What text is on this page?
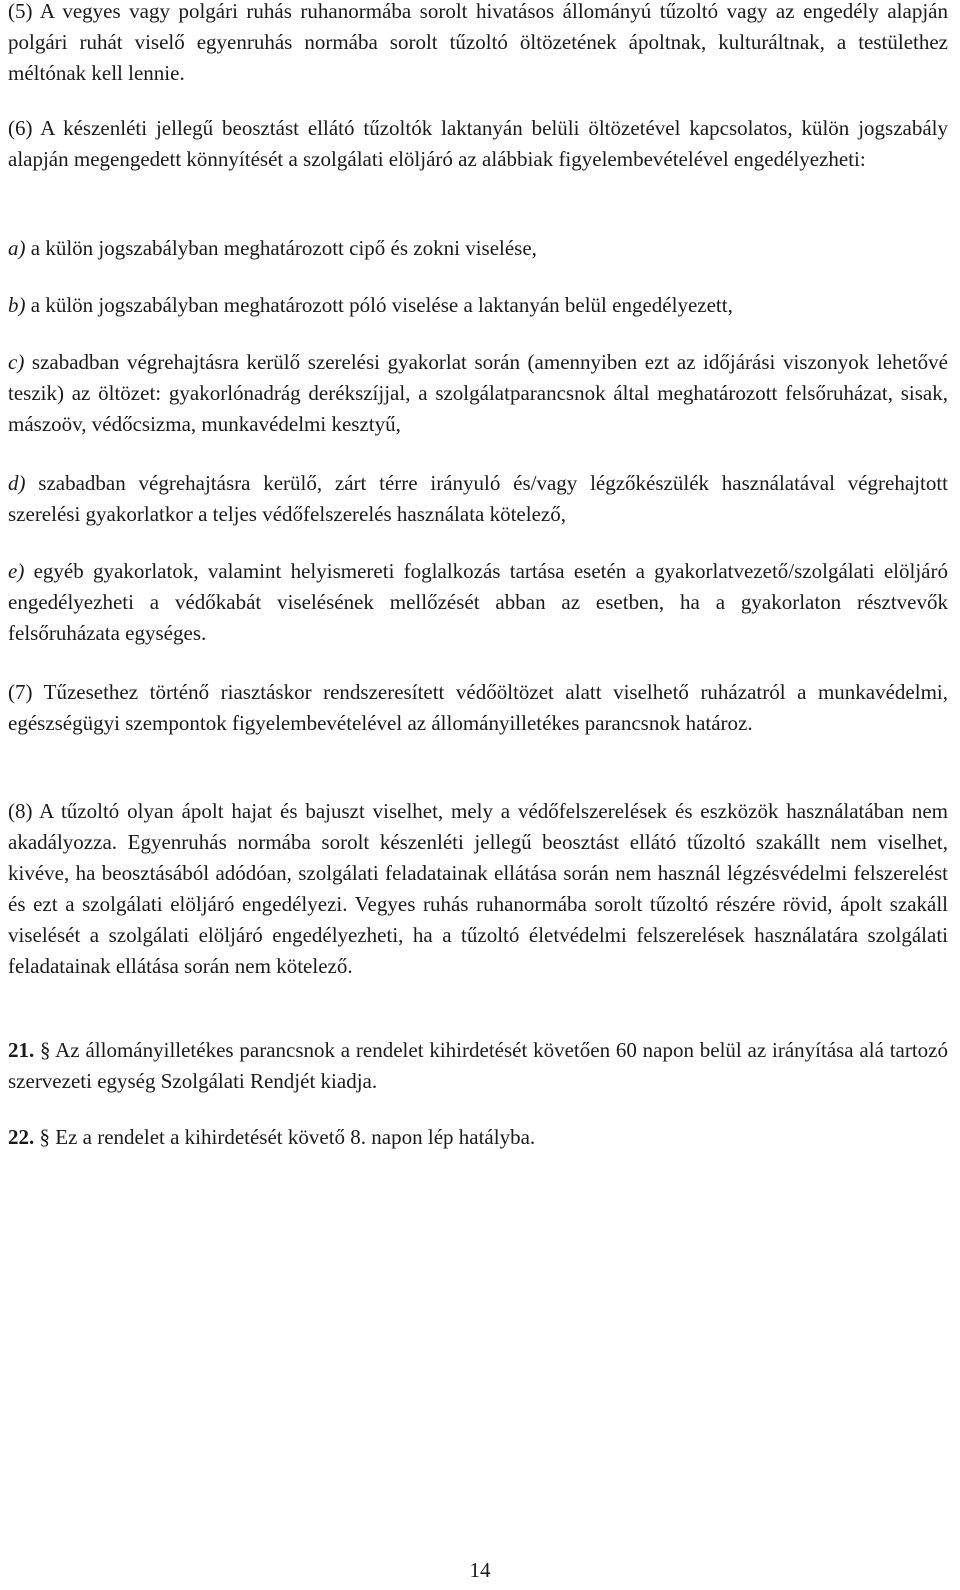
(5) A vegyes vagy polgári ruhás ruhanormába sorolt hivatásos állományú tűzoltó vagy az engedély alapján polgári ruhát viselő egyenruhás normába sorolt tűzoltó öltözetének ápoltnak, kulturáltnak, a testülethez méltónak kell lennie.

(6) A készenléti jellegű beosztást ellátó tűzoltók laktanyán belüli öltözetével kapcsolatos, külön jogszabály alapján megengedett könnyítését a szolgálati elöljáró az alábbiak figyelembevételével engedélyezheti:

a) a külön jogszabályban meghatározott cipő és zokni viselése,

b) a külön jogszabályban meghatározott póló viselése a laktanyán belül engedélyezett,

c) szabadban végrehajtásra kerülő szerelési gyakorlat során (amennyiben ezt az időjárási viszonyok lehetővé teszik) az öltözet: gyakorlónadrág derékszíjjal, a szolgálatparancsnok által meghatározott felsőruházat, sisak, mászoöv, védőcsizma, munkavédelmi kesztyű,

d) szabadban végrehajtásra kerülő, zárt térre irányuló és/vagy légzőkészülék használatával végrehajtott szerelési gyakorlatkor a teljes védőfelszerelés használata kötelező,

e) egyéb gyakorlatok, valamint helyismereti foglalkozás tartása esetén a gyakorlatvezető/szolgálati elöljáró engedélyezheti a védőkabát viselésének mellőzését abban az esetben, ha a gyakorlaton résztvevők felsőruházata egységes.

(7) Tűzesethez történő riasztáskor rendszeresített védőöltözet alatt viselhető ruházatról a munkavédelmi, egészségügyi szempontok figyelembevételével az állományilletékes parancsnok határoz.

(8) A tűzoltó olyan ápolt hajat és bajuszt viselhet, mely a védőfelszerelések és eszközök használatában nem akadályozza. Egyenruhás normába sorolt készenléti jellegű beosztást ellátó tűzoltó szakállt nem viselhet, kivéve, ha beosztásából adódóan, szolgálati feladatainak ellátása során nem használ légzésvédelmi felszerelést és ezt a szolgálati elöljáró engedélyezi. Vegyes ruhás ruhanormába sorolt tűzoltó részére rövid, ápolt szakáll viselését a szolgálati elöljáró engedélyezheti, ha a tűzoltó életvédelmi felszerelések használatára szolgálati feladatainak ellátása során nem kötelező.

21. § Az állományilletékes parancsnok a rendelet kihirdetését követően 60 napon belül az irányítása alá tartozó szervezeti egység Szolgálati Rendjét kiadja.

22. § Ez a rendelet a kihirdetését követő 8. napon lép hatályba.

14
